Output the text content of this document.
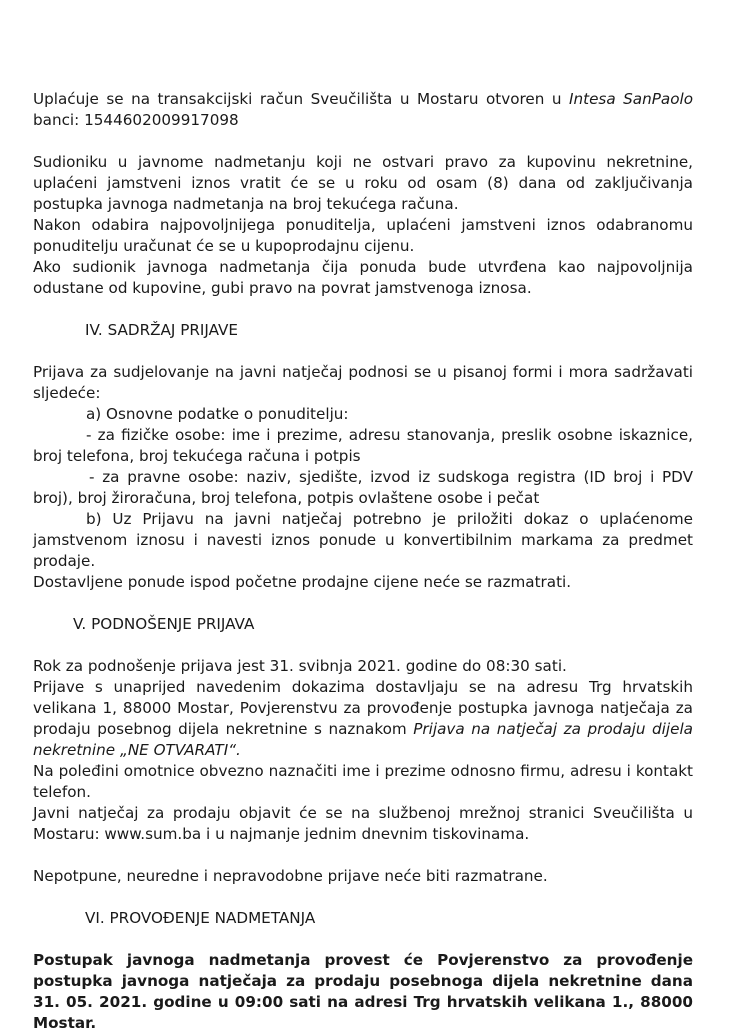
Uplaćuje se na transakcijski račun Sveučilišta u Mostaru otvoren u Intesa SanPaolo banci: 1544602009917098

Sudioniku u javnome nadmetanju koji ne ostvari pravo za kupovinu nekretnine, uplaćeni jamstveni iznos vratit će se u roku od osam (8) dana od zaključivanja postupka javnoga nadmetanja na broj tekućega računa.

Nakon odabira najpovoljnijega ponuditelja, uplaćeni jamstveni iznos odabranomu ponuditelju uračunat će se u kupoprodajnu cijenu.

Ako sudionik javnoga nadmetanja čija ponuda bude utvrđena kao najpovoljnija odustane od kupovine, gubi pravo na povrat jamstvenoga iznosa.

IV. SADRŽAJ PRIJAVE

Prijava za sudjelovanje na javni natječaj podnosi se u pisanoj formi i mora sadržavati sljedeće:

a) Osnovne podatke o ponuditelju:

- za fizičke osobe: ime i prezime, adresu stanovanja, preslik osobne iskaznice, broj telefona, broj tekućega računa i potpis

- za pravne osobe: naziv, sjedište, izvod iz sudskoga registra (ID broj i PDV broj), broj žiroračuna, broj telefona, potpis ovlaštene osobe i pečat

b) Uz Prijavu na javni natječaj potrebno je priložiti dokaz o uplaćenome jamstvenom iznosu i navesti iznos ponude u konvertibilnim markama za predmet prodaje.

Dostavljene ponude ispod početne prodajne cijene neće se razmatrati.

V. PODNOŠENJE PRIJAVA

Rok za podnošenje prijava jest 31. svibnja 2021. godine do 08:30 sati.

Prijave s unaprijed navedenim dokazima dostavljaju se na adresu Trg hrvatskih velikana 1, 88000 Mostar, Povjerenstvu za provođenje postupka javnoga natječaja za prodaju posebnog dijela nekretnine s naznakom Prijava na natječaj za prodaju dijela nekretnine „NE OTVARATI“.

Na poleđini omotnice obvezno naznačiti ime i prezime odnosno firmu, adresu i kontakt telefon.

Javni natječaj za prodaju objavit će se na službenoj mrežnoj stranici Sveučilišta u Mostaru: www.sum.ba i u najmanje jednim dnevnim tiskovinama.

Nepotpune, neuredne i nepravodobne prijave neće biti razmatrane.

VI. PROVOĐENJE NADMETANJA

Postupak javnoga nadmetanja provest će Povjerenstvo za provođenje postupka javnoga natječaja za prodaju posebnoga dijela nekretnine dana 31. 05. 2021. godine u 09:00 sati na adresi Trg hrvatskih velikana 1., 88000 Mostar.
